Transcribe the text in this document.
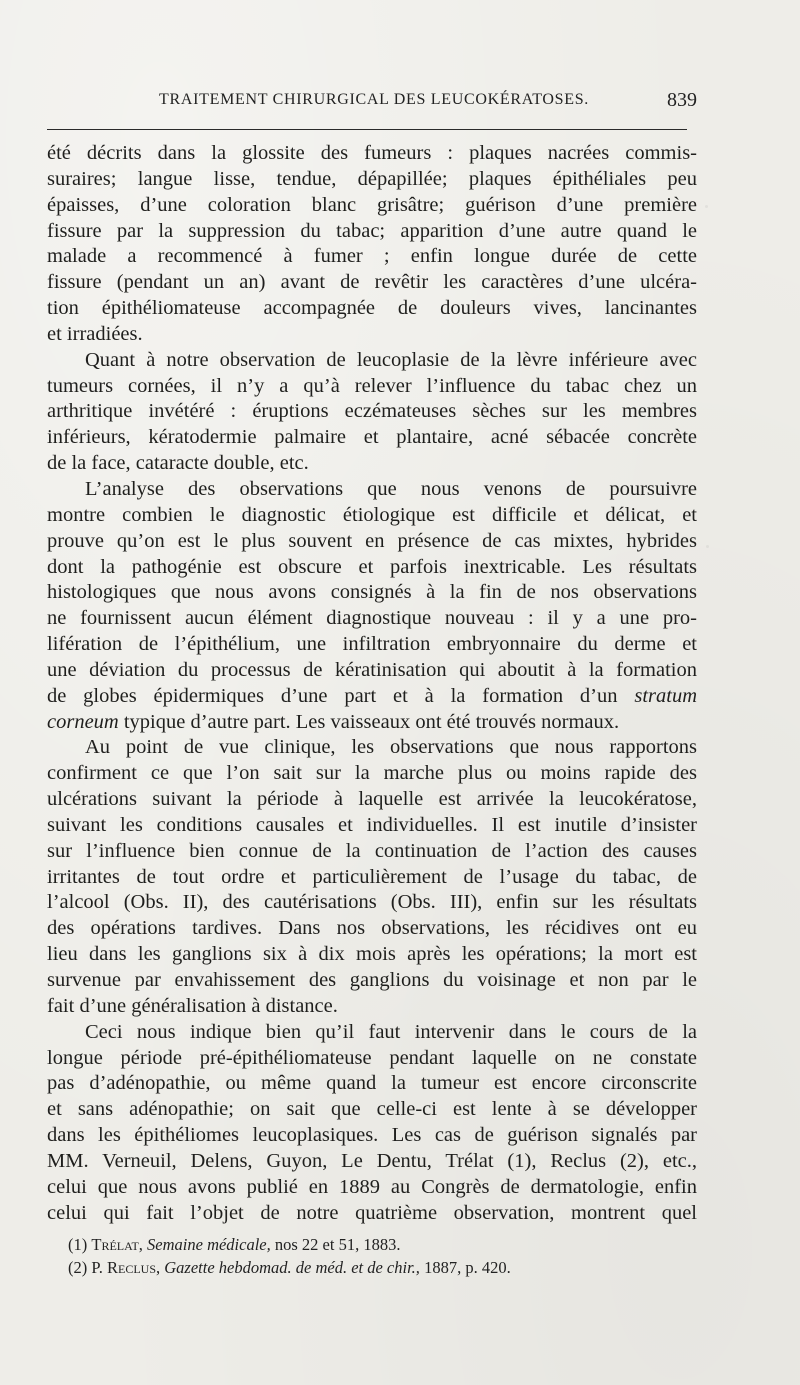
TRAITEMENT CHIRURGICAL DES LEUCOKÉRATOSES.	839

été décrits dans la glossite des fumeurs : plaques nacrées commis-

suraires; langue lisse, tendue, dépapillée; plaques épithéliales peu

épaisses, d’une coloration blanc grisâtre; guérison d’une première

fissure par la suppression du tabac; apparition d’une autre quand le

malade a recommencé à fumer ; enfin longue durée de cette

fissure (pendant un an) avant de revêtir les caractères d’une ulcéra-

tion épithéliomateuse accompagnée de douleurs vives, lancinantes

et irradiées.

Quant à notre observation de leucoplasie de la lèvre inférieure avec

tumeurs cornées, il n’y a qu’à relever l’influence du tabac chez un

arthritique invétéré : éruptions eczémateuses sèches sur les membres

inférieurs, kératodermie palmaire et plantaire, acné sébacée concrète

de la face, cataracte double, etc.

L’analyse des observations que nous venons de poursuivre

montre combien le diagnostic étiologique est difficile et délicat, et

prouve qu’on est le plus souvent en présence de cas mixtes, hybrides

dont la pathogénie est obscure et parfois inextricable. Les résultats

histologiques que nous avons consignés à la fin de nos observations

ne fournissent aucun élément diagnostique nouveau : il y a une pro-

lifération de l’épithélium, une infiltration embryonnaire du derme et

une déviation du processus de kératinisation qui aboutit à la formation

de globes épidermiques d’une part et à la formation d’un stratum

corneum typique d’autre part. Les vaisseaux ont été trouvés normaux.

Au point de vue clinique, les observations que nous rapportons

confirment ce que l’on sait sur la marche plus ou moins rapide des

ulcérations suivant la période à laquelle est arrivée la leucokératose,

suivant les conditions causales et individuelles. Il est inutile d’insister

sur l’influence bien connue de la continuation de l’action des causes

irritantes de tout ordre et particulièrement de l’usage du tabac, de

l’alcool (Obs. II), des cautérisations (Obs. III), enfin sur les résultats

des opérations tardives. Dans nos observations, les récidives ont eu

lieu dans les ganglions six à dix mois après les opérations; la mort est

survenue par envahissement des ganglions du voisinage et non par le

fait d’une généralisation à distance.

Ceci nous indique bien qu’il faut intervenir dans le cours de la

longue période pré-épithéliomateuse pendant laquelle on ne constate

pas d’adénopathie, ou même quand la tumeur est encore circonscrite

et sans adénopathie; on sait que celle-ci est lente à se développer

dans les épithéliomes leucoplasiques. Les cas de guérison signalés par

MM. Verneuil, Delens, Guyon, Le Dentu, Trélat (1), Reclus (2), etc.,

celui que nous avons publié en 1889 au Congrès de dermatologie, enfin

celui qui fait l’objet de notre quatrième observation, montrent quel

(1) Trélat, Semaine médicale, nos 22 et 51, 1883.

(2) P. Reclus, Gazette hebdomad. de méd. et de chir., 1887, p. 420.
